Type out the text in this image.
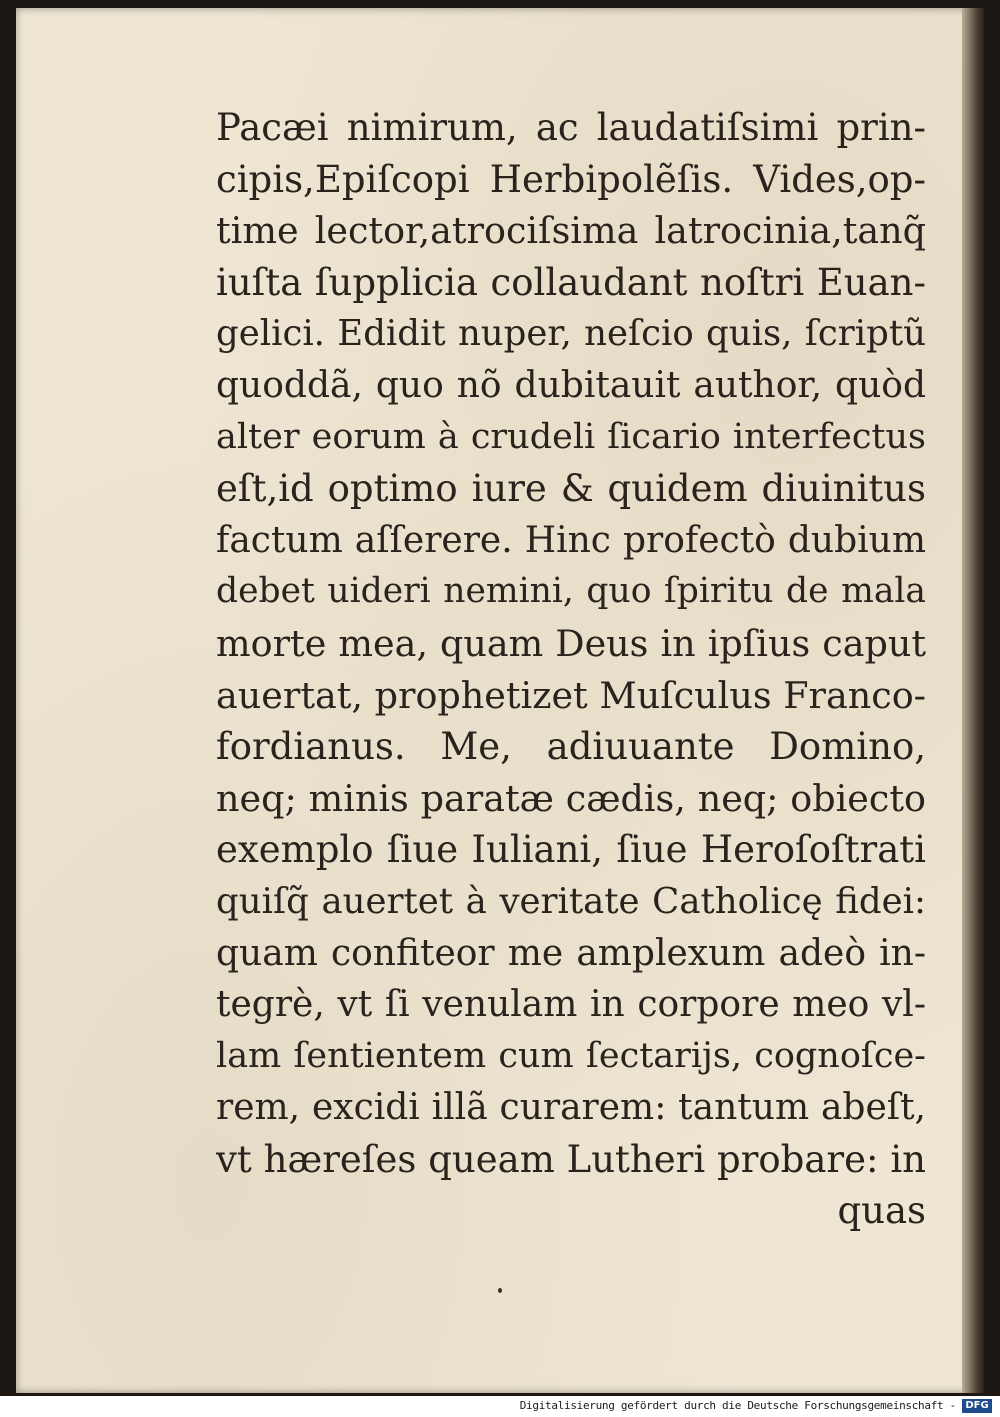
Pacæi nimirum, ac laudatiſsimi prin-
cipis,Epiſcopi Herbipolẽſis. Vides,op-
time lector,atrociſsima latrocinia,tanq̃
iuſta ſupplicia collaudant noſtri Euan-
gelici. Edidit nuper, neſcio quis, ſcriptũ
quoddã, quo nõ dubitauit author, quòd
alter eorum à crudeli ſicario interfectus
eſt,id optimo iure & quidem diuinitus
factum aſſerere. Hinc profectò dubium
debet uideri nemini, quo ſpiritu de mala
morte mea, quam Deus in ipſius caput
auertat, prophetizet Muſculus Franco-
fordianus. Me, adiuuante Domino,
neq; minis paratæ cædis, neq; obiecto
exemplo ſiue Iuliani, ſiue Heroſoſtrati
quiſq̃ auertet à veritate Catholicę fidei:
quam confiteor me amplexum adeò in-
tegrè, vt ſi venulam in corpore meo vl-
lam ſentientem cum ſectarijs, cognoſce-
rem, excidi illã curarem: tantum abeſt,
vt hæreſes queam Lutheri probare: in
quas
Digitalisierung gefördert durch die Deutsche Forschungsgemeinschaft - DFG
